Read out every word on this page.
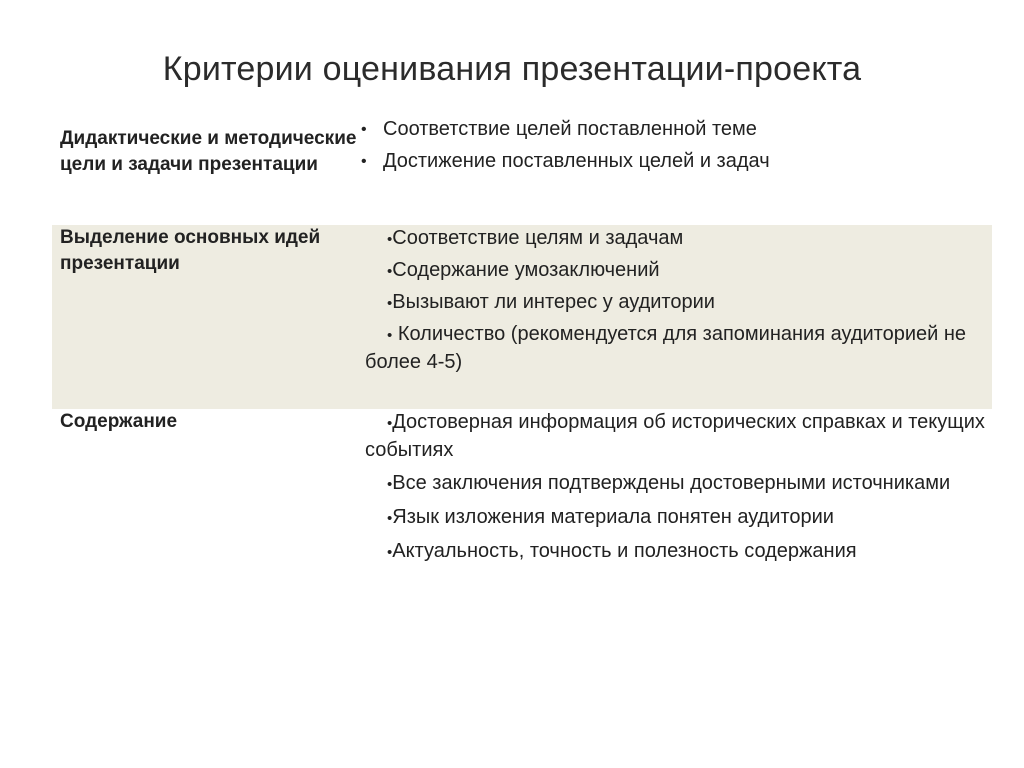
Критерии оценивания презентации-проекта
Дидактические и методические цели и задачи презентации
• Соответствие целей поставленной теме
• Достижение поставленных целей и задач
Выделение основных идей презентации
•Соответствие целям и задачам
•Содержание умозаключений
•Вызывают ли интерес у аудитории
• Количество (рекомендуется для запоминания аудиторией не более 4-5)
Содержание	•Достоверная информация об исторических справках и текущих событиях
•Все заключения подтверждены достоверными источниками
•Язык изложения материала понятен аудитории
•Актуальность, точность и полезность содержания
